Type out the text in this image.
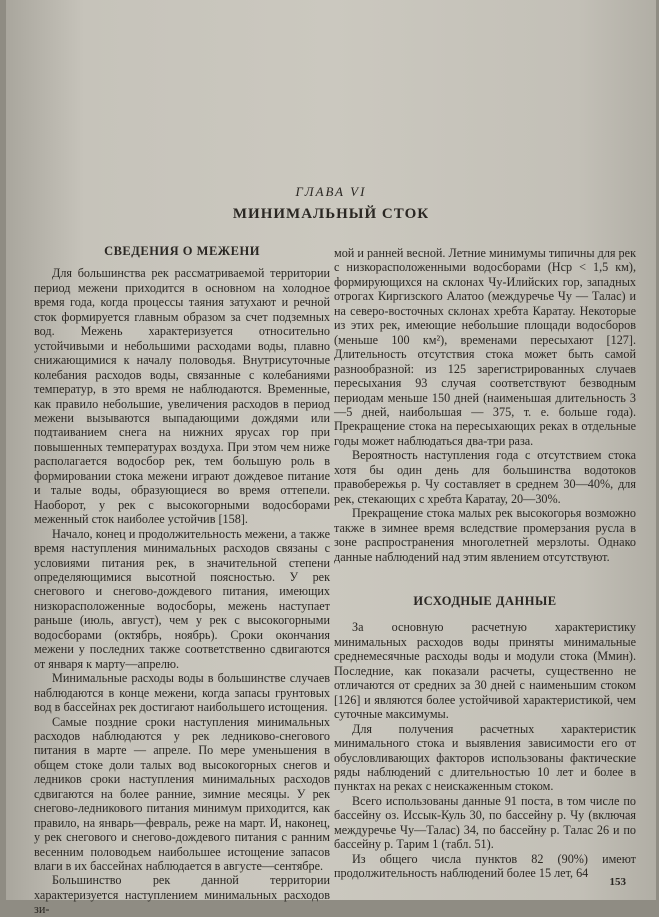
ГЛАВА VI
МИНИМАЛЬНЫЙ СТОК
СВЕДЕНИЯ О МЕЖЕНИ

Для большинства рек рассматриваемой территории период межени приходится в основном на холодное время года, когда процессы таяния затухают и речной сток формируется главным образом за счет подземных вод. Межень характеризуется относительно устойчивыми и небольшими расходами воды, плавно снижающимися к началу половодья. Внутрисуточные колебания расходов воды, связанные с колебаниями температур, в это время не наблюдаются. Временные, как правило небольшие, увеличения расходов в период межени вызываются выпадающими дождями или подтаиванием снега на нижних ярусах гор при повышенных температурах воздуха. При этом чем ниже располагается водосбор рек, тем большую роль в формировании стока межени играют дождевое питание и талые воды, образующиеся во время оттепели. Наоборот, у рек с высокогорными водосборами меженный сток наиболее устойчив [158].

Начало, конец и продолжительность межени, а также время наступления минимальных расходов связаны с условиями питания рек, в значительной степени определяющимися высотной поясностью. У рек снегового и снегово-дождевого питания, имеющих низкорасположенные водосборы, межень наступает раньше (июль, август), чем у рек с высокогорными водосборами (октябрь, ноябрь). Сроки окончания межени у последних также соответственно сдвигаются от января к марту—апрелю.

Минимальные расходы воды в большинстве случаев наблюдаются в конце межени, когда запасы грунтовых вод в бассейнах рек достигают наибольшего истощения.

Самые поздние сроки наступления минимальных расходов наблюдаются у рек ледниково-снегового питания в марте — апреле. По мере уменьшения в общем стоке доли талых вод высокогорных снегов и ледников сроки наступления минимальных расходов сдвигаются на более ранние, зимние месяцы. У рек снегово-ледникового питания минимум приходится, как правило, на январь—февраль, реже на март. И, наконец, у рек снегового и снегово-дождевого питания с ранним весенним половодьем наибольшее истощение запасов влаги в их бассейнах наблюдается в августе—сентябре.

Большинство рек данной территории характеризуется наступлением минимальных расходов зи-

мой и ранней весной. Летние минимумы типичны для рек с низкорасположенными водосборами (Hср < 1,5 км), формирующихся на склонах Чу-Илийских гор, западных отрогах Киргизского Алатоо (междуречье Чу — Талас) и на северо-восточных склонах хребта Каратау. Некоторые из этих рек, имеющие небольшие площади водосборов (меньше 100 км²), временами пересыхают [127]. Длительность отсутствия стока может быть самой разнообразной: из 125 зарегистрированных случаев пересыхания 93 случая соответствуют безводным периодам меньше 150 дней (наименьшая длительность 3—5 дней, наибольшая — 375, т. е. больше года). Прекращение стока на пересыхающих реках в отдельные годы может наблюдаться два-три раза.

Вероятность наступления года с отсутствием стока хотя бы один день для большинства водотоков правобережья р. Чу составляет в среднем 30—40%, для рек, стекающих с хребта Каратау, 20—30%.

Прекращение стока малых рек высокогорья возможно также в зимнее время вследствие промерзания русла в зоне распространения многолетней мерзлоты. Однако данные наблюдений над этим явлением отсутствуют.

ИСХОДНЫЕ ДАННЫЕ

За основную расчетную характеристику минимальных расходов воды приняты минимальные среднемесячные расходы воды и модули стока (Mмин). Последние, как показали расчеты, существенно не отличаются от средних за 30 дней с наименьшим стоком [126] и являются более устойчивой характеристикой, чем суточные максимумы.

Для получения расчетных характеристик минимального стока и выявления зависимости его от обусловливающих факторов использованы фактические ряды наблюдений с длительностью 10 лет и более в пунктах на реках с неискаженным стоком.

Всего использованы данные 91 поста, в том числе по бассейну оз. Иссык-Куль 30, по бассейну р. Чу (включая междуречье Чу—Талас) 34, по бассейну р. Талас 26 и по бассейну р. Тарим 1 (табл. 51).

Из общего числа пунктов 82 (90%) имеют продолжительность наблюдений более 15 лет, 64

153
